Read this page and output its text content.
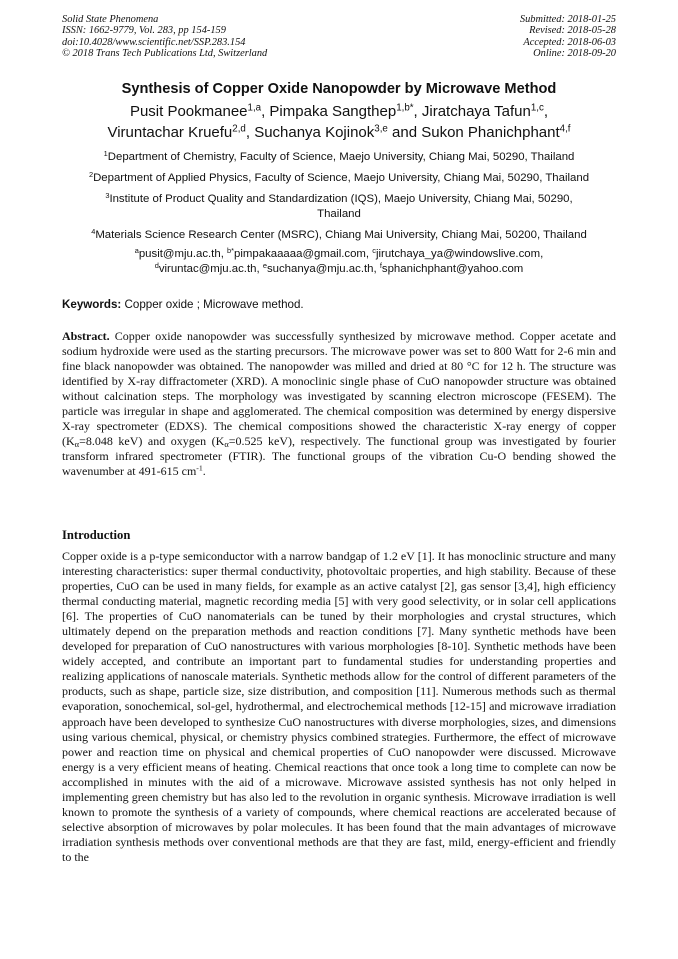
Solid State Phenomena
ISSN: 1662-9779, Vol. 283, pp 154-159
doi:10.4028/www.scientific.net/SSP.283.154
© 2018 Trans Tech Publications Ltd, Switzerland
Submitted: 2018-01-25
Revised: 2018-05-28
Accepted: 2018-06-03
Online: 2018-09-20
Synthesis of Copper Oxide Nanopowder by Microwave Method
Pusit Pookmanee$^{1,a}$, Pimpaka Sangthep$^{1,b*}$, Jiratchaya Tafun$^{1,c}$,
Viruntachar Kruefu$^{2,d}$, Suchanya Kojinok$^{3,e}$ and Sukon Phanichphant$^{4,f}$
$^1$Department of Chemistry, Faculty of Science, Maejo University, Chiang Mai, 50290, Thailand
$^2$Department of Applied Physics, Faculty of Science, Maejo University, Chiang Mai, 50290, Thailand
$^3$Institute of Product Quality and Standardization (IQS), Maejo University, Chiang Mai, 50290, Thailand
$^4$Materials Science Research Center (MSRC), Chiang Mai University, Chiang Mai, 50200, Thailand
$^a$pusit@mju.ac.th, $^{b*}$pimpakaaaaa@gmail.com, $^c$jirutchaya_ya@windowslive.com,
$^d$viruntac@mju.ac.th, $^e$suchanya@mju.ac.th, $^f$sphanichphant@yahoo.com
Keywords: Copper oxide ; Microwave method.
Abstract. Copper oxide nanopowder was successfully synthesized by microwave method. Copper acetate and sodium hydroxide were used as the starting precursors. The microwave power was set to 800 Watt for 2-6 min and fine black nanopowder was obtained. The nanopowder was milled and dried at 80 °C for 12 h. The structure was identified by X-ray diffractometer (XRD). A monoclinic single phase of CuO nanopowder structure was obtained without calcination steps. The morphology was investigated by scanning electron microscope (FESEM). The particle was irregular in shape and agglomerated. The chemical composition was determined by energy dispersive X-ray spectrometer (EDXS). The chemical compositions showed the characteristic X-ray energy of copper ($K_\alpha=8.048$ keV) and oxygen ($K_\alpha=0.525$ keV), respectively. The functional group was investigated by fourier transform infrared spectrometer (FTIR). The functional groups of the vibration Cu-O bending showed the wavenumber at 491-615 $cm^{-1}$.
Introduction
Copper oxide is a p-type semiconductor with a narrow bandgap of 1.2 eV [1]. It has monoclinic structure and many interesting characteristics: super thermal conductivity, photovoltaic properties, and high stability. Because of these properties, CuO can be used in many fields, for example as an active catalyst [2], gas sensor [3,4], high efficiency thermal conducting material, magnetic recording media [5] with very good selectivity, or in solar cell applications [6]. The properties of CuO nanomaterials can be tuned by their morphologies and crystal structures, which ultimately depend on the preparation methods and reaction conditions [7]. Many synthetic methods have been developed for preparation of CuO nanostructures with various morphologies [8-10]. Synthetic methods have been widely accepted, and contribute an important part to fundamental studies for understanding properties and realizing applications of nanoscale materials. Synthetic methods allow for the control of different parameters of the products, such as shape, particle size, size distribution, and composition [11]. Numerous methods such as thermal evaporation, sonochemical, sol-gel, hydrothermal, and electrochemical methods [12-15] and microwave irradiation approach have been developed to synthesize CuO nanostructures with diverse morphologies, sizes, and dimensions using various chemical, physical, or chemistry physics combined strategies. Furthermore, the effect of microwave power and reaction time on physical and chemical properties of CuO nanopowder were discussed. Microwave energy is a very efficient means of heating. Chemical reactions that once took a long time to complete can now be accomplished in minutes with the aid of a microwave. Microwave assisted synthesis has not only helped in implementing green chemistry but has also led to the revolution in organic synthesis. Microwave irradiation is well known to promote the synthesis of a variety of compounds, where chemical reactions are accelerated because of selective absorption of microwaves by polar molecules. It has been found that the main advantages of microwave irradiation synthesis methods over conventional methods are that they are fast, mild, energy-efficient and friendly to the
